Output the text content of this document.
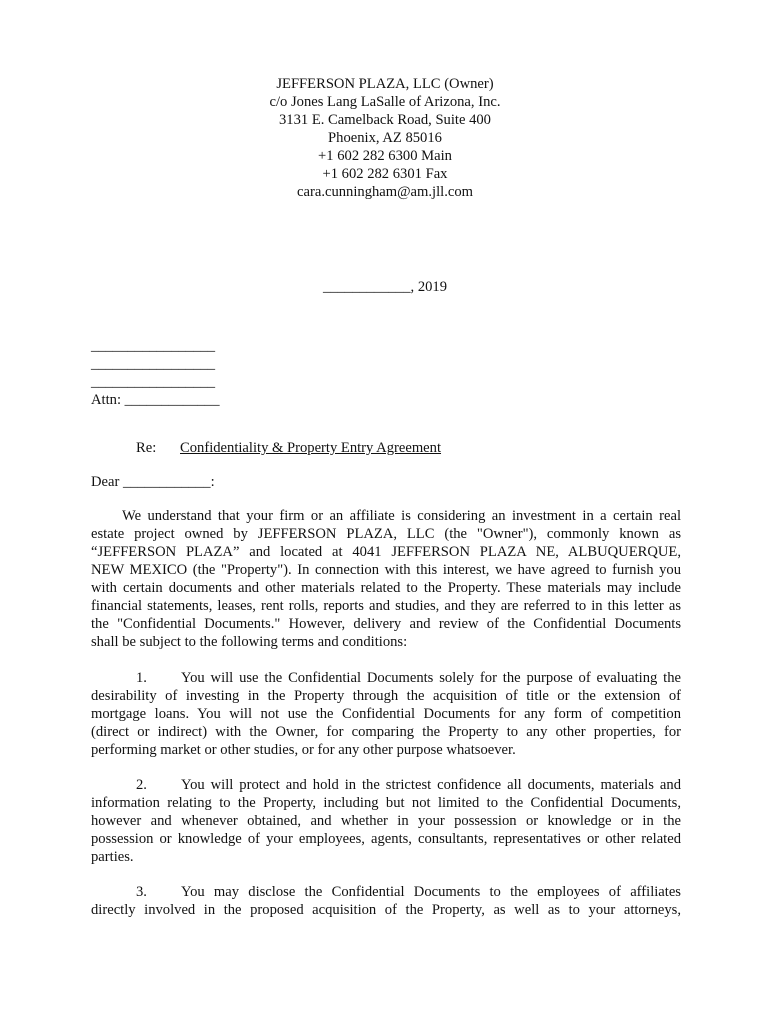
JEFFERSON PLAZA, LLC (Owner)
c/o Jones Lang LaSalle of Arizona, Inc.
3131 E. Camelback Road, Suite 400
Phoenix, AZ 85016
+1 602 282 6300 Main
+1 602 282 6301 Fax
cara.cunningham@am.jll.com
____________, 2019
_________________
_________________
_________________
Attn: _____________
Re: Confidentiality & Property Entry Agreement
Dear ____________:
We understand that your firm or an affiliate is considering an investment in a certain real
estate project owned by JEFFERSON PLAZA, LLC (the "Owner"), commonly known as
“JEFFERSON PLAZA” and located at 4041 JEFFERSON PLAZA NE, ALBUQUERQUE,
NEW MEXICO (the "Property"). In connection with this interest, we have agreed to furnish you
with certain documents and other materials related to the Property. These materials may include
financial statements, leases, rent rolls, reports and studies, and they are referred to in this letter as
the "Confidential Documents." However, delivery and review of the Confidential Documents
shall be subject to the following terms and conditions:
1.	You will use the Confidential Documents solely for the purpose of evaluating the
desirability of investing in the Property through the acquisition of title or the extension of
mortgage loans. You will not use the Confidential Documents for any form of competition
(direct or indirect) with the Owner, for comparing the Property to any other properties, for
performing market or other studies, or for any other purpose whatsoever.
2.	You will protect and hold in the strictest confidence all documents, materials and
information relating to the Property, including but not limited to the Confidential Documents,
however and whenever obtained, and whether in your possession or knowledge or in the
possession or knowledge of your employees, agents, consultants, representatives or other related
parties.
3.	You may disclose the Confidential Documents to the employees of affiliates
directly involved in the proposed acquisition of the Property, as well as to your attorneys,
